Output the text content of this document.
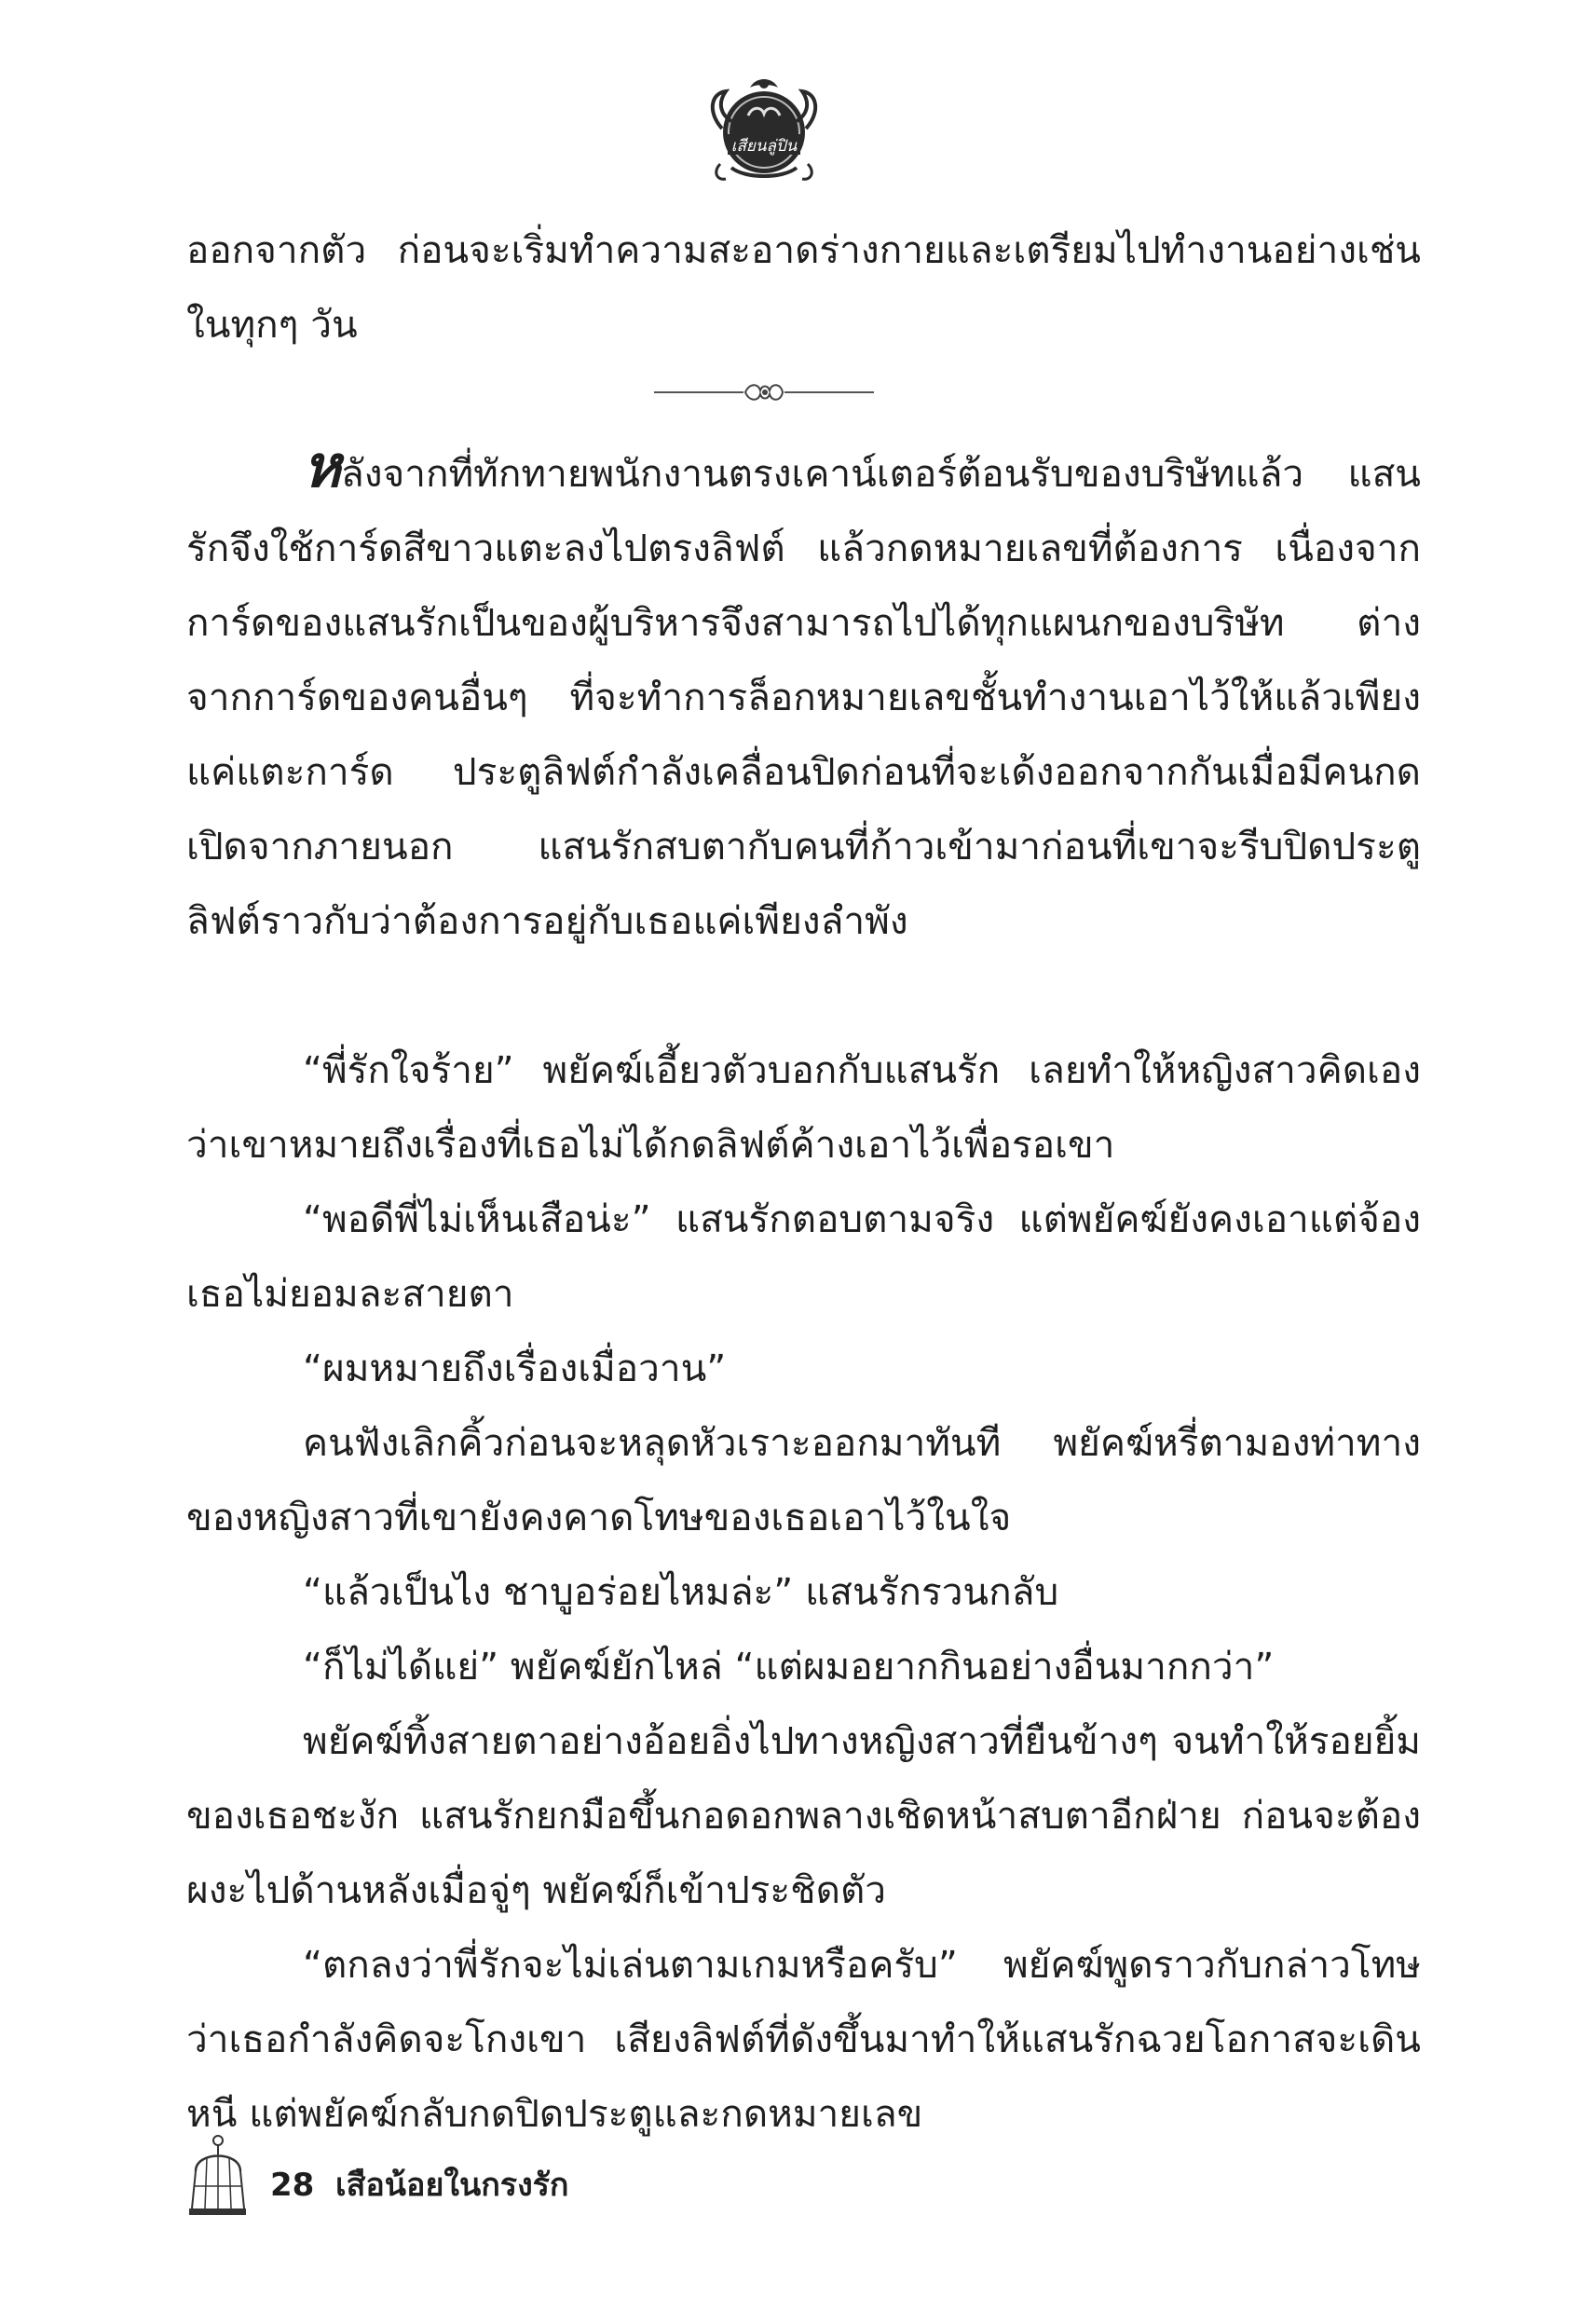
เสียนลู่ปิน

ออกจากตัว ก่อนจะเริ่มทำความสะอาดร่างกายและเตรียมไปทำงานอย่างเช่นในทุกๆ วัน

หลังจากที่ทักทายพนักงานตรงเคาน์เตอร์ต้อนรับของบริษัทแล้ว แสนรักจึงใช้การ์ดสีขาวแตะลงไปตรงลิฟต์ แล้วกดหมายเลขที่ต้องการ เนื่องจากการ์ดของแสนรักเป็นของผู้บริหารจึงสามารถไปได้ทุกแผนกของบริษัท ต่างจากการ์ดของคนอื่นๆ ที่จะทำการล็อกหมายเลขชั้นทำงานเอาไว้ให้แล้วเพียงแค่แตะการ์ด ประตูลิฟต์กำลังเคลื่อนปิดก่อนที่จะเด้งออกจากกันเมื่อมีคนกดเปิดจากภายนอก แสนรักสบตากับคนที่ก้าวเข้ามาก่อนที่เขาจะรีบปิดประตูลิฟต์ราวกับว่าต้องการอยู่กับเธอแค่เพียงลำพัง

“พี่รักใจร้าย” พยัคฆ์เอี้ยวตัวบอกกับแสนรัก เลยทำให้หญิงสาวคิดเองว่าเขาหมายถึงเรื่องที่เธอไม่ได้กดลิฟต์ค้างเอาไว้เพื่อรอเขา

“พอดีพี่ไม่เห็นเสือน่ะ” แสนรักตอบตามจริง แต่พยัคฆ์ยังคงเอาแต่จ้องเธอไม่ยอมละสายตา

“ผมหมายถึงเรื่องเมื่อวาน”

คนฟังเลิกคิ้วก่อนจะหลุดหัวเราะออกมาทันที พยัคฆ์หรี่ตามองท่าทางของหญิงสาวที่เขายังคงคาดโทษของเธอเอาไว้ในใจ

“แล้วเป็นไง ชาบูอร่อยไหมล่ะ” แสนรักรวนกลับ

“ก็ไม่ได้แย่” พยัคฆ์ยักไหล่ “แต่ผมอยากกินอย่างอื่นมากกว่า”

พยัคฆ์ทิ้งสายตาอย่างอ้อยอิ่งไปทางหญิงสาวที่ยืนข้างๆ จนทำให้รอยยิ้มของเธอชะงัก แสนรักยกมือขึ้นกอดอกพลางเชิดหน้าสบตาอีกฝ่าย ก่อนจะต้องผงะไปด้านหลังเมื่อจู่ๆ พยัคฆ์ก็เข้าประชิดตัว

“ตกลงว่าพี่รักจะไม่เล่นตามเกมหรือครับ” พยัคฆ์พูดราวกับกล่าวโทษว่าเธอกำลังคิดจะโกงเขา เสียงลิฟต์ที่ดังขึ้นมาทำให้แสนรักฉวยโอกาสจะเดินหนี แต่พยัคฆ์กลับกดปิดประตูและกดหมายเลข

28 เสือน้อยในกรงรัก
